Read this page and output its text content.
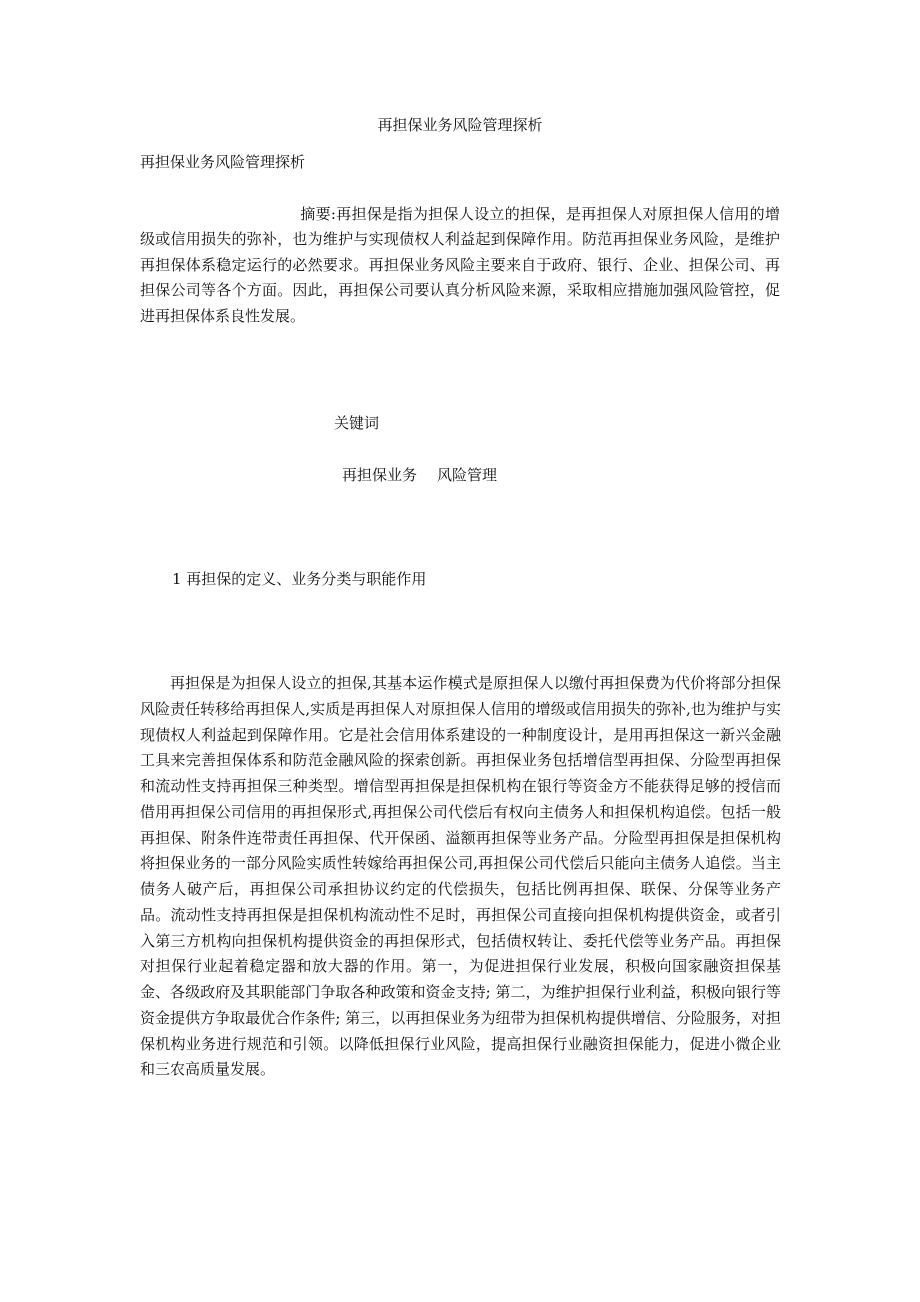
再担保业务风险管理探析
再担保业务风险管理探析
摘要:再担保是指为担保人设立的担保，是再担保人对原担保人信用的增级或信用损失的弥补，也为维护与实现债权人利益起到保障作用。防范再担保业务风险，是维护再担保体系稳定运行的必然要求。再担保业务风险主要来自于政府、银行、企业、担保公司、再担保公司等各个方面。因此，再担保公司要认真分析风险来源，采取相应措施加强风险管控，促进再担保体系良性发展。
关键词
再担保业务 风险管理
1 再担保的定义、业务分类与职能作用
再担保是为担保人设立的担保,其基本运作模式是原担保人以缴付再担保费为代价将部分担保风险责任转移给再担保人,实质是再担保人对原担保人信用的增级或信用损失的弥补,也为维护与实现债权人利益起到保障作用。它是社会信用体系建设的一种制度设计，是用再担保这一新兴金融工具来完善担保体系和防范金融风险的探索创新。再担保业务包括增信型再担保、分险型再担保和流动性支持再担保三种类型。增信型再担保是担保机构在银行等资金方不能获得足够的授信而借用再担保公司信用的再担保形式,再担保公司代偿后有权向主债务人和担保机构追偿。包括一般再担保、附条件连带责任再担保、代开保函、溢额再担保等业务产品。分险型再担保是担保机构将担保业务的一部分风险实质性转嫁给再担保公司,再担保公司代偿后只能向主债务人追偿。当主债务人破产后，再担保公司承担协议约定的代偿损失，包括比例再担保、联保、分保等业务产品。流动性支持再担保是担保机构流动性不足时，再担保公司直接向担保机构提供资金，或者引入第三方机构向担保机构提供资金的再担保形式，包括债权转让、委托代偿等业务产品。再担保对担保行业起着稳定器和放大器的作用。第一，为促进担保行业发展，积极向国家融资担保基金、各级政府及其职能部门争取各种政策和资金支持; 第二，为维护担保行业利益，积极向银行等资金提供方争取最优合作条件; 第三，以再担保业务为纽带为担保机构提供增信、分险服务，对担保机构业务进行规范和引领。以降低担保行业风险，提高担保行业融资担保能力，促进小微企业和三农高质量发展。
